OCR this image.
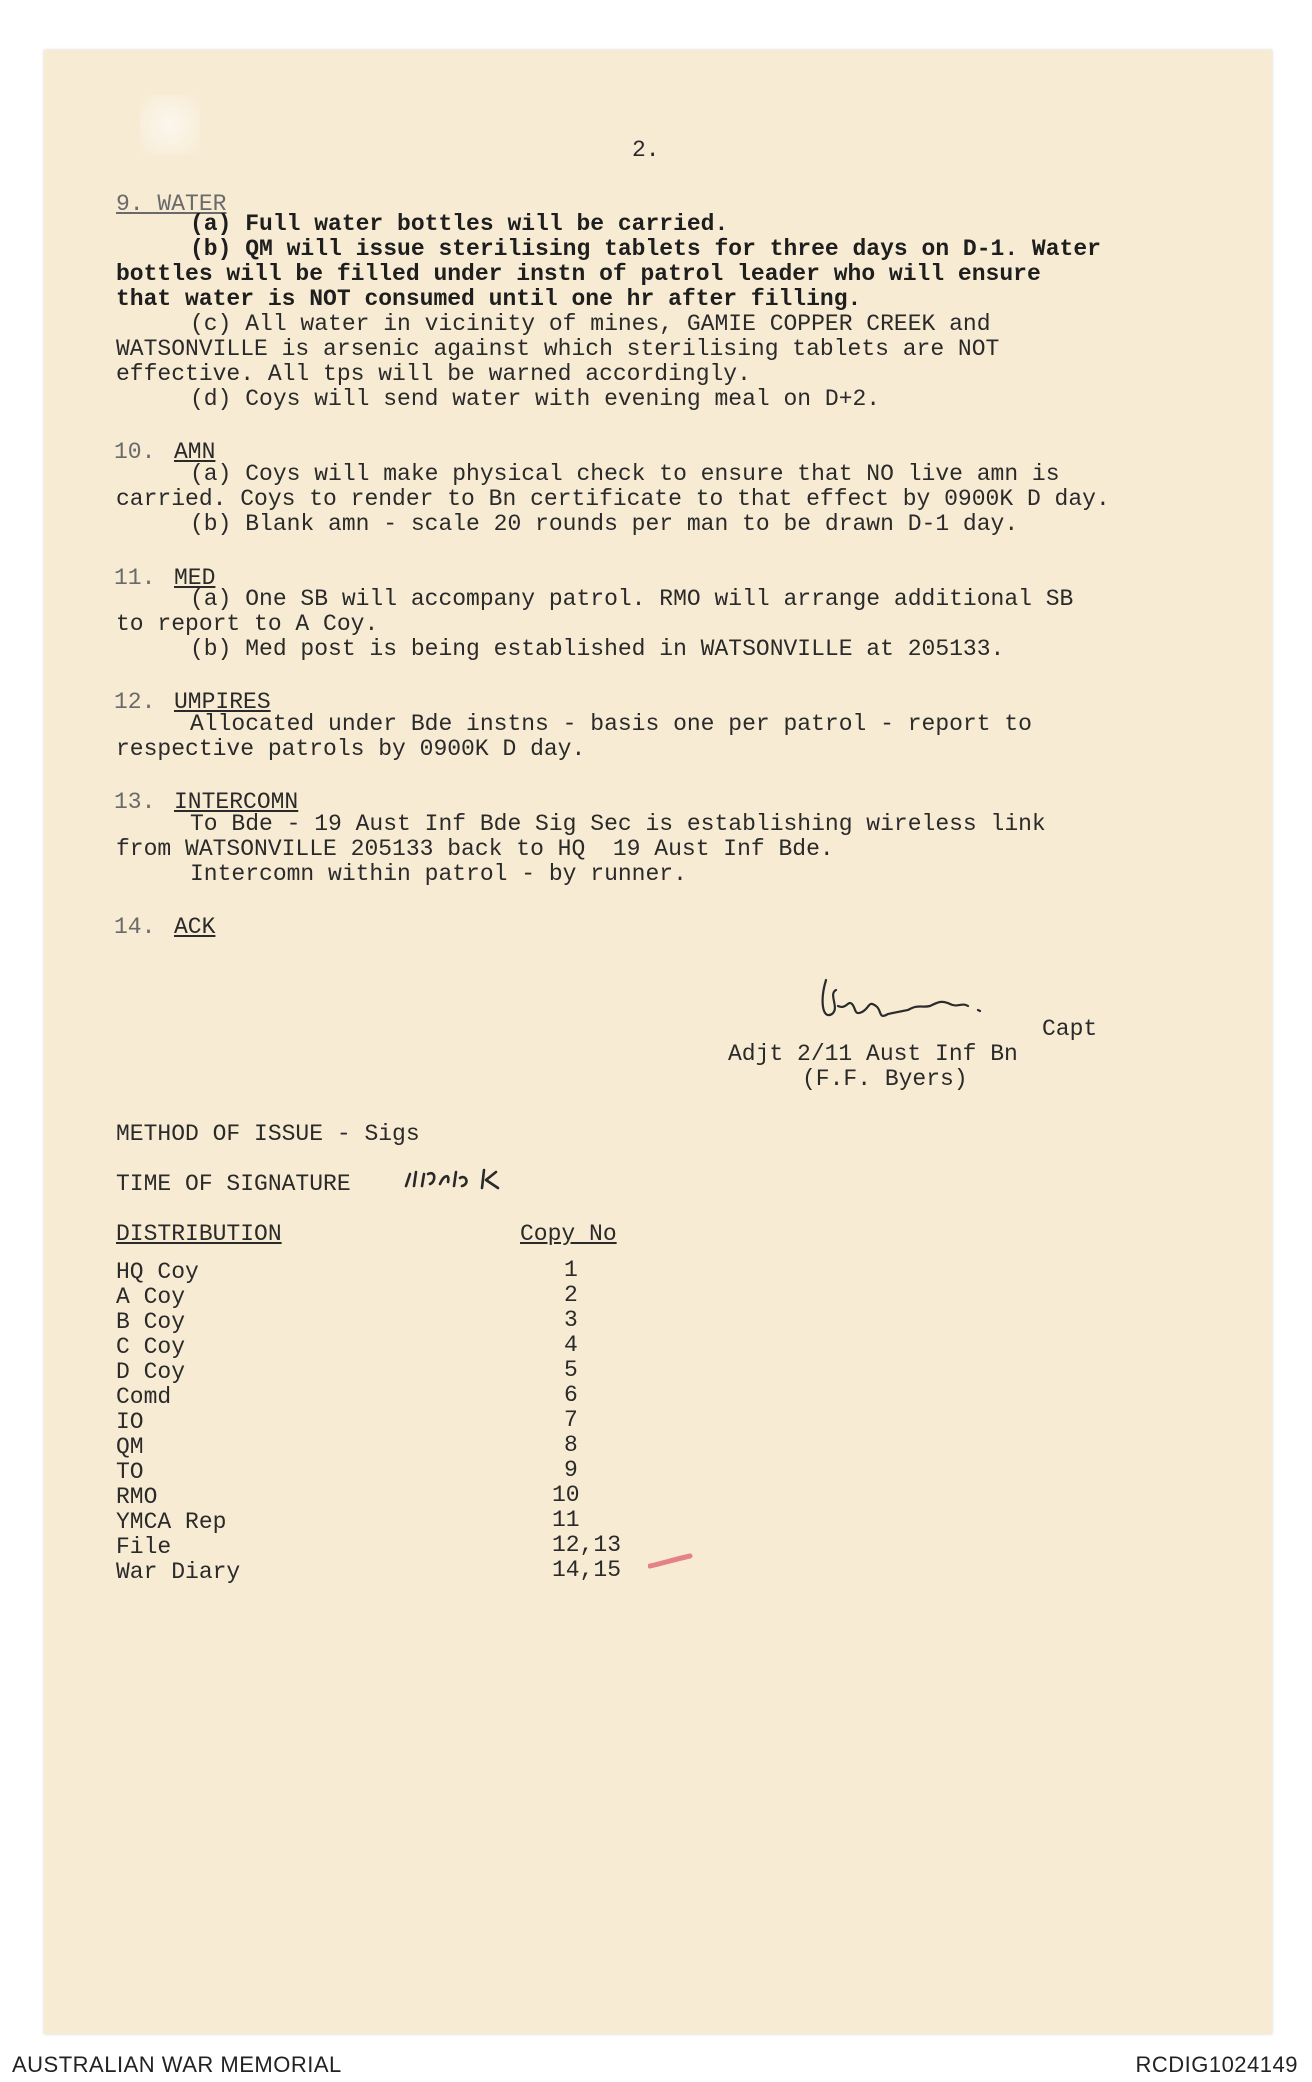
2.
9. WATER
(a) Full water bottles will be carried.
(b) QM will issue sterilising tablets for three days on D-1. Water
bottles will be filled under instn of patrol leader who will ensure
that water is NOT consumed until one hr after filling.
(c) All water in vicinity of mines, GAMIE COPPER CREEK and
WATSONVILLE is arsenic against which sterilising tablets are NOT
effective. All tps will be warned accordingly.
(d) Coys will send water with evening meal on D+2.
10. AMN
(a) Coys will make physical check to ensure that NO live amn is
carried. Coys to render to Bn certificate to that effect by 0900K D day.
(b) Blank amn - scale 20 rounds per man to be drawn D-1 day.
11. MED
(a) One SB will accompany patrol. RMO will arrange additional SB
to report to A Coy.
(b) Med post is being established in WATSONVILLE at 205133.
12. UMPIRES
Allocated under Bde instns - basis one per patrol - report to
respective patrols by 0900K D day.
13. INTERCOMN
To Bde - 19 Aust Inf Bde Sig Sec is establishing wireless link
from WATSONVILLE 205133 back to HQ  19 Aust Inf Bde.
Intercomn within patrol - by runner.
14. ACK
Capt
Adjt 2/11 Aust Inf Bn
(F.F. Byers)
METHOD OF ISSUE - Sigs
TIME OF SIGNATURE
DISTRIBUTION	Copy No
HQ Coy	1
A Coy	2
B Coy	3
C Coy	4
D Coy	5
Comd	6
IO	7
QM	8
TO	9
RMO	10
YMCA Rep	11
File	12,13
War Diary	14,15
AUSTRALIAN WAR MEMORIAL	RCDIG1024149
